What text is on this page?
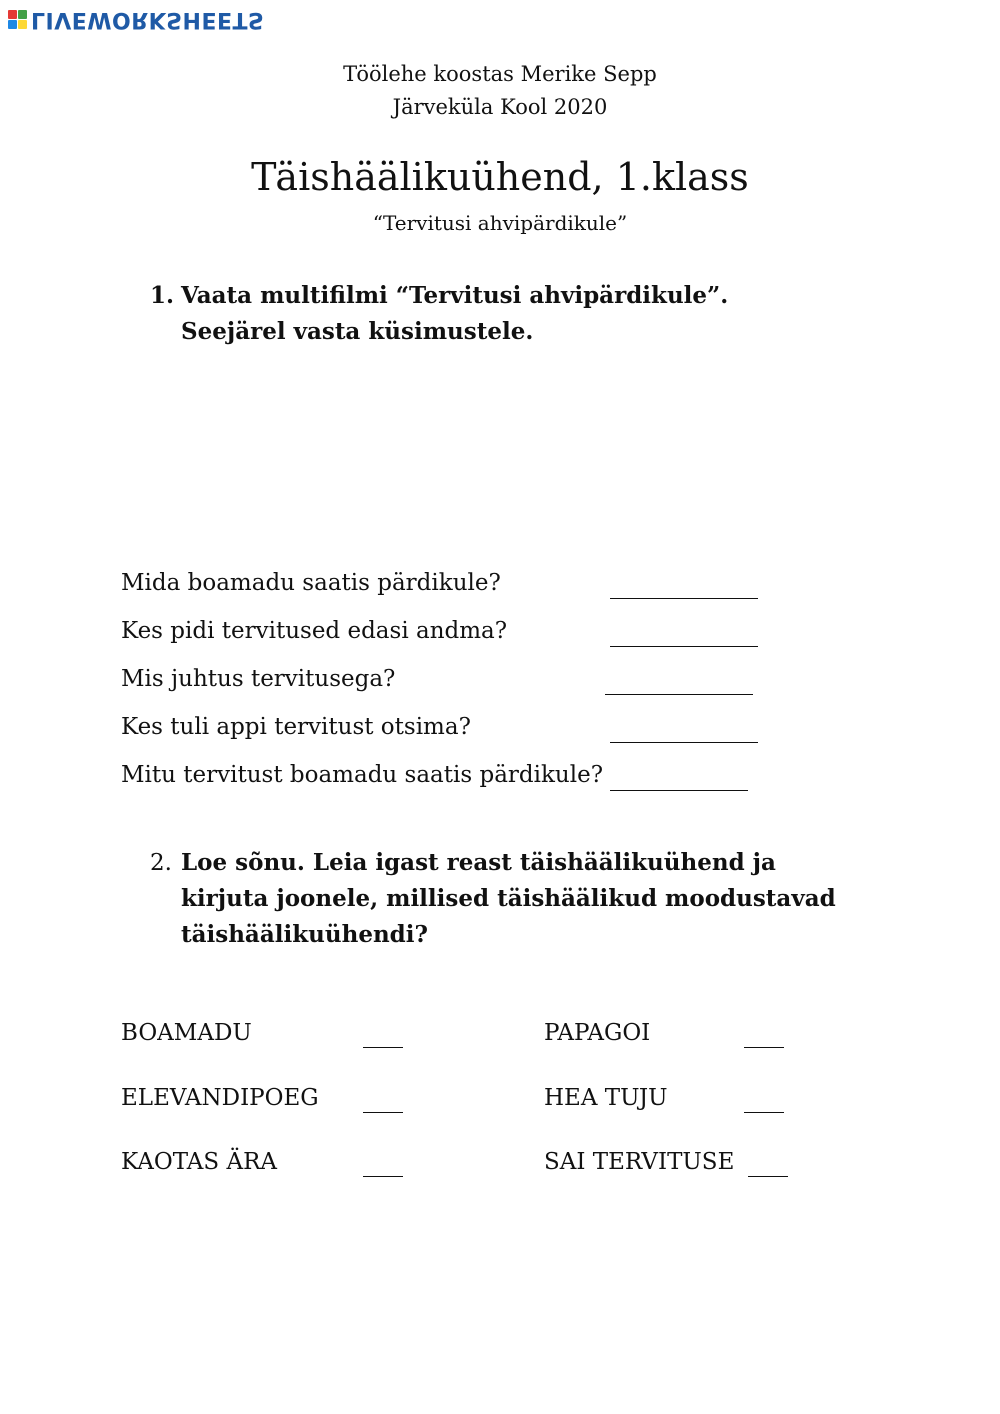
LIVEWORKSHEETS
Töölehe koostas Merike Sepp
Järveküla Kool 2020
Täishäälikuühend, 1.klass
“Tervitusi ahvipärdikule”
1. Vaata multifilmi “Tervitusi ahvipärdikule”.
Seejärel vasta küsimustele.
Mida boamadu saatis pärdikule?
Kes pidi tervitused edasi andma?
Mis juhtus tervitusega?
Kes tuli appi tervitust otsima?
Mitu tervitust boamadu saatis pärdikule?
2. Loe sõnu. Leia igast reast täishäälikuühend ja kirjuta joonele, millised täishäälikud moodustavad täishäälikuühendi?
BOAMADU	PAPAGOI
ELEVANDIPOEG	HEA TUJU
KAOTAS ÄRA	SAI TERVITUSE
